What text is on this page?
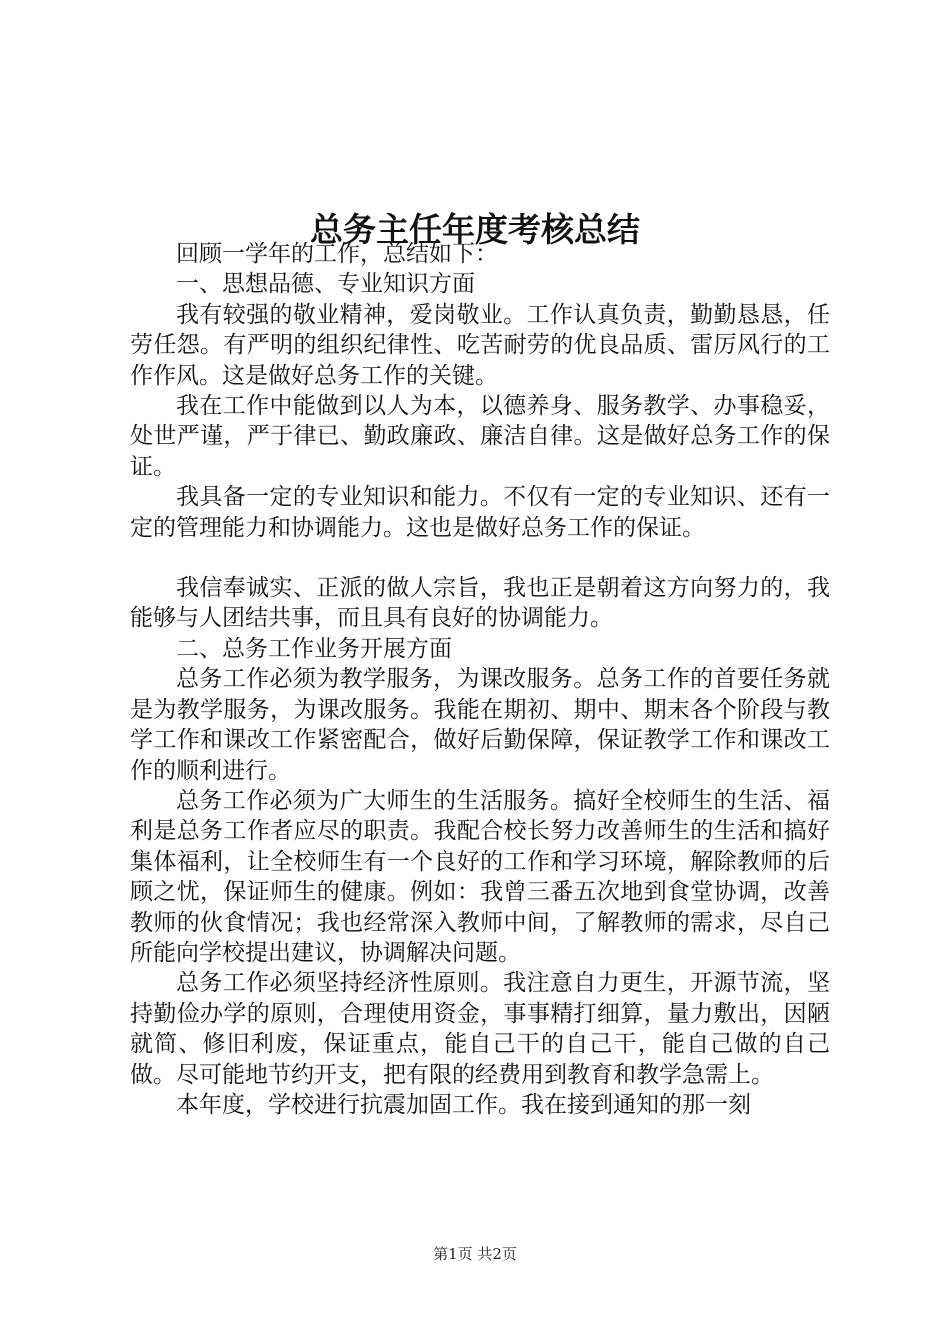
总务主任年度考核总结

回顾一学年的工作，总结如下：

一、思想品德、专业知识方面

我有较强的敬业精神，爱岗敬业。工作认真负责，勤勤恳恳，任劳任怨。有严明的组织纪律性、吃苦耐劳的优良品质、雷厉风行的工作作风。这是做好总务工作的关键。

我在工作中能做到以人为本，以德养身、服务教学、办事稳妥，处世严谨，严于律已、勤政廉政、廉洁自律。这是做好总务工作的保证。

我具备一定的专业知识和能力。不仅有一定的专业知识、还有一定的管理能力和协调能力。这也是做好总务工作的保证。

我信奉诚实、正派的做人宗旨，我也正是朝着这方向努力的，我能够与人团结共事，而且具有良好的协调能力。

二、总务工作业务开展方面

总务工作必须为教学服务，为课改服务。总务工作的首要任务就是为教学服务，为课改服务。我能在期初、期中、期末各个阶段与教学工作和课改工作紧密配合，做好后勤保障，保证教学工作和课改工作的顺利进行。

总务工作必须为广大师生的生活服务。搞好全校师生的生活、福利是总务工作者应尽的职责。我配合校长努力改善师生的生活和搞好集体福利，让全校师生有一个良好的工作和学习环境，解除教师的后顾之忧，保证师生的健康。例如：我曾三番五次地到食堂协调，改善教师的伙食情况；我也经常深入教师中间，了解教师的需求，尽自己所能向学校提出建议，协调解决问题。

总务工作必须坚持经济性原则。我注意自力更生，开源节流，坚持勤俭办学的原则，合理使用资金，事事精打细算，量力敷出，因陋就简、修旧利废，保证重点，能自己干的自己干，能自己做的自己做。尽可能地节约开支，把有限的经费用到教育和教学急需上。

本年度，学校进行抗震加固工作。我在接到通知的那一刻

第1页 共2页
